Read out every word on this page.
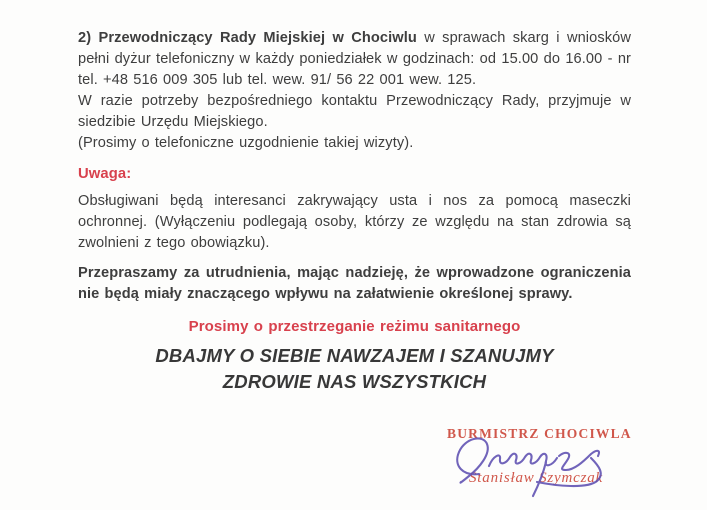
2) Przewodniczący Rady Miejskiej w Chociwlu w sprawach skarg i wniosków pełni dyżur telefoniczny w każdy poniedziałek w godzinach: od 15.00 do 16.00 - nr tel. +48 516 009 305 lub tel. wew. 91/ 56 22 001 wew. 125.

W razie potrzeby bezpośredniego kontaktu Przewodniczący Rady, przyjmuje w siedzibie Urzędu Miejskiego.

(Prosimy o telefoniczne uzgodnienie takiej wizyty).

Uwaga:

Obsługiwani będą interesanci zakrywający usta i nos za pomocą maseczki ochronnej. (Wyłączeniu podlegają osoby, którzy ze względu na stan zdrowia są zwolnieni z tego obowiązku).

Przepraszamy za utrudnienia, mając nadzieję, że wprowadzone ograniczenia nie będą miały znaczącego wpływu na załatwienie określonej sprawy.

Prosimy o przestrzeganie reżimu sanitarnego

DBAJMY O SIEBIE NAWZAJEM I SZANUJMY
ZDROWIE NAS WSZYSTKICH
BURMISTRZ CHOCIWLA
Stanisław Szymczak
